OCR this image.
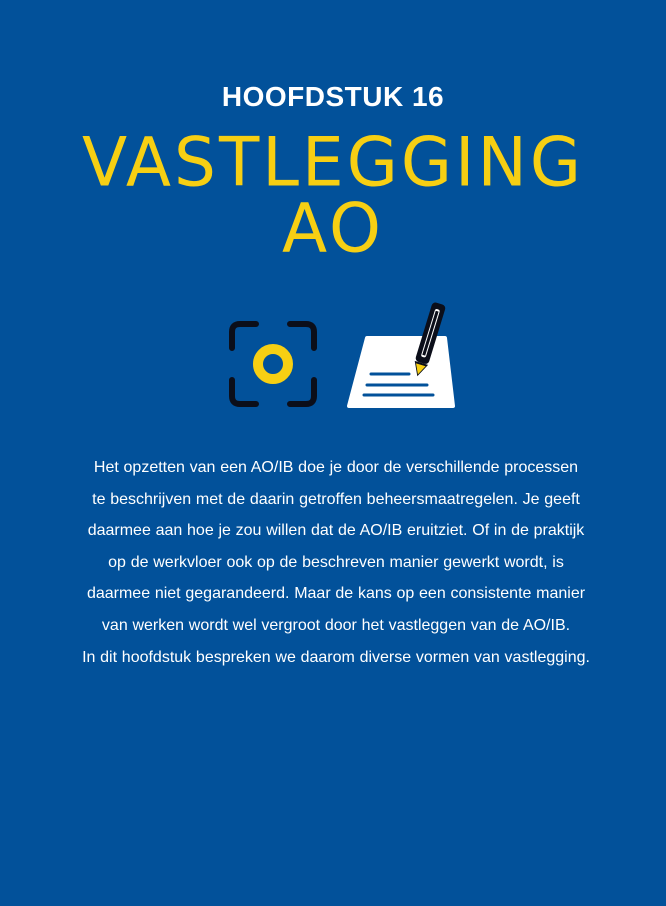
HOOFDSTUK 16
VASTLEGGING
AO

Het opzetten van een AO/IB doe je door de verschillende processen
te beschrijven met de daarin getroffen beheersmaatregelen. Je geeft
daarmee aan hoe je zou willen dat de AO/IB eruitziet. Of in de praktijk
op de werkvloer ook op de beschreven manier gewerkt wordt, is
daarmee niet gegarandeerd. Maar de kans op een consistente manier
van werken wordt wel vergroot door het vastleggen van de AO/IB.
In dit hoofdstuk bespreken we daarom diverse vormen van vastlegging.
